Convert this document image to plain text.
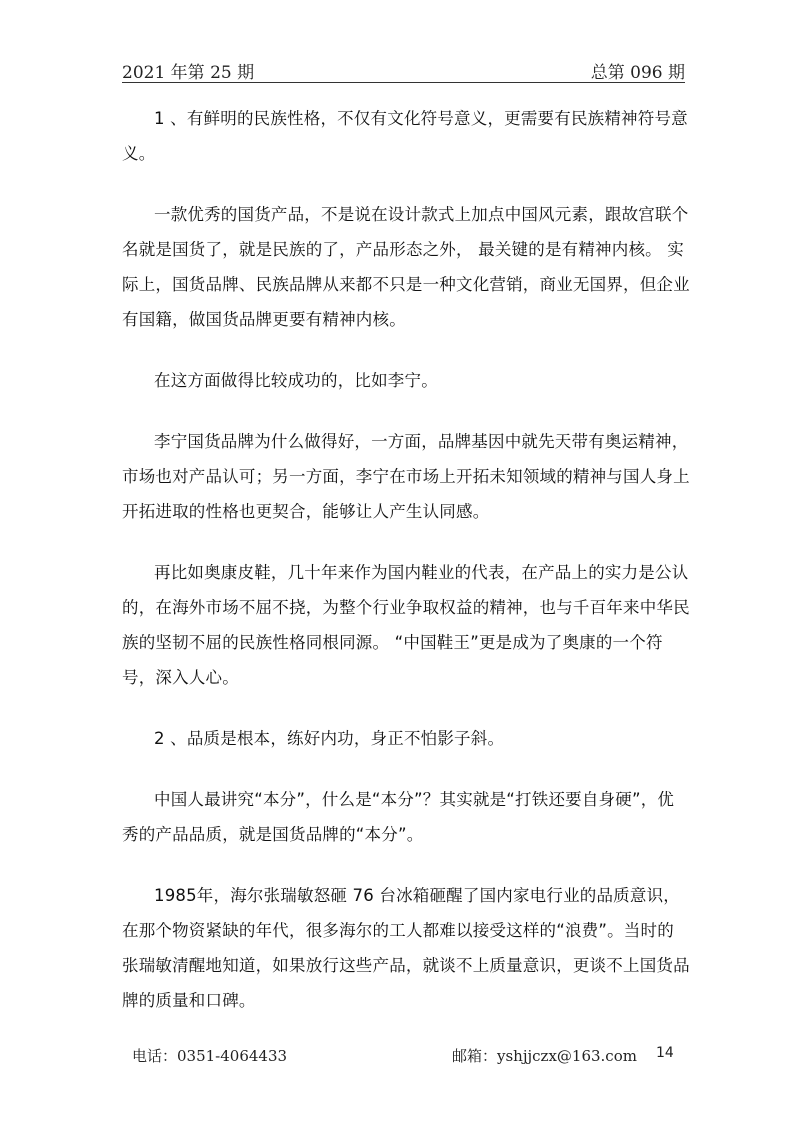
2021 年第 25 期	总第 096 期

1 、有鲜明的民族性格，不仅有文化符号意义，更需要有民族精神符号意义。

一款优秀的国货产品，不是说在设计款式上加点中国风元素，跟故宫联个名就是国货了，就是民族的了，产品形态之外， 最关键的是有精神内核。 实际上，国货品牌、民族品牌从来都不只是一种文化营销，商业无国界，但企业有国籍，做国货品牌更要有精神内核。

在这方面做得比较成功的，比如李宁。

李宁国货品牌为什么做得好，一方面，品牌基因中就先天带有奥运精神，市场也对产品认可；另一方面，李宁在市场上开拓未知领域的精神与国人身上开拓进取的性格也更契合，能够让人产生认同感。

再比如奥康皮鞋，几十年来作为国内鞋业的代表，在产品上的实力是公认的，在海外市场不屈不挠，为整个行业争取权益的精神，也与千百年来中华民族的坚韧不屈的民族性格同根同源。 “中国鞋王”更是成为了奥康的一个符号，深入人心。

2 、品质是根本，练好内功，身正不怕影子斜。

中国人最讲究“本分”，什么是“本分”？其实就是“打铁还要自身硬”，优秀的产品品质，就是国货品牌的“本分”。

1985年，海尔张瑞敏怒砸 76 台冰箱砸醒了国内家电行业的品质意识，在那个物资紧缺的年代，很多海尔的工人都难以接受这样的“浪费”。当时的张瑞敏清醒地知道，如果放行这些产品，就谈不上质量意识，更谈不上国货品牌的质量和口碑。

电话：0351-4064433	邮箱：yshjjczx@163.com 14
